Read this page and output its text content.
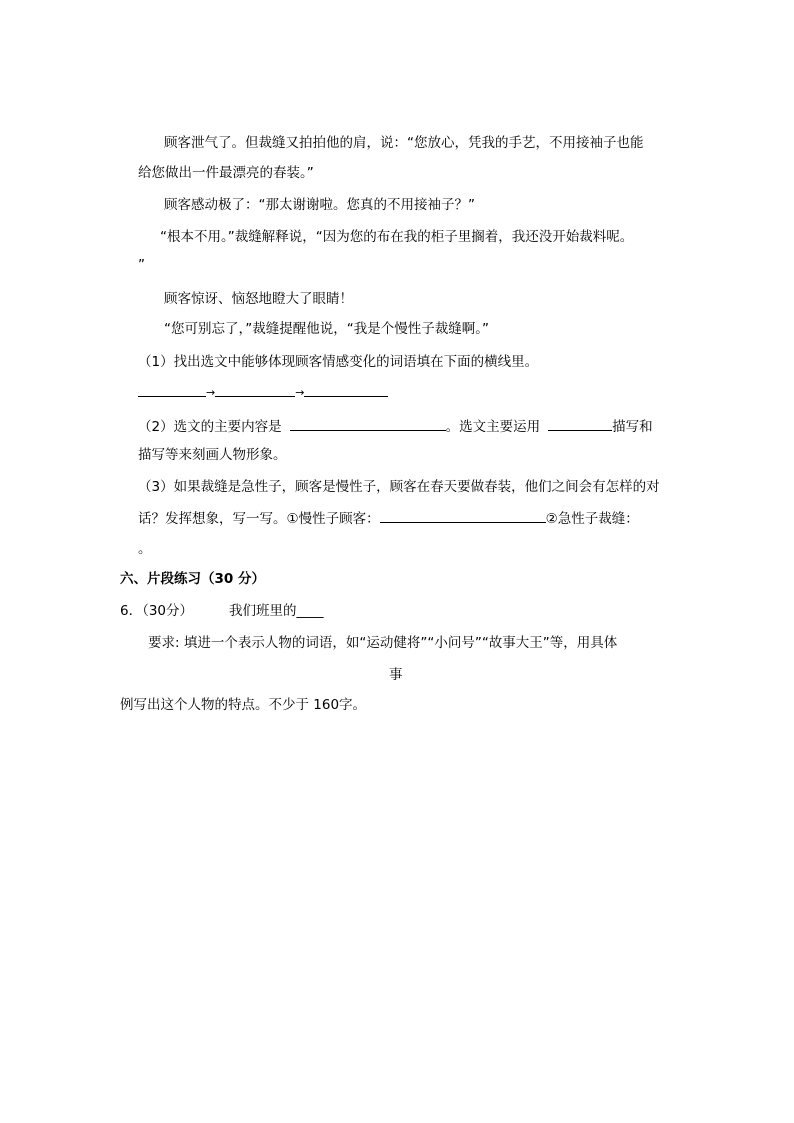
顾客泄气了。但裁缝又拍拍他的肩，说：“您放心，凭我的手艺，不用接袖子也能
给您做出一件最漂亮的春装。”
顾客感动极了：“那太谢谢啦。您真的不用接袖子？”
“根本不用。”裁缝解释说，“因为您的布在我的柜子里搁着，我还没开始裁料呢。
”
顾客惊讶、恼怒地瞪大了眼睛！
“您可别忘了，”裁缝提醒他说，“我是个慢性子裁缝啊。”
（1）找出选文中能够体现顾客情感变化的词语填在下面的横线里。
→	→
（2）选文的主要内容是	。选文主要运用	描写和
描写等来刻画人物形象。
（3）如果裁缝是急性子，顾客是慢性子，顾客在春天要做春装，他们之间会有怎样的对
话？发挥想象，写一写。①慢性子顾客：	②急性子裁缝：
。
六、片段练习（30 分）
6．（30分）	我们班里的____
要求: 填进一个表示人物的词语，如“运动健将”“小问号”“故事大王”等，用具体
事
例写出这个人物的特点。不少于 160字。
